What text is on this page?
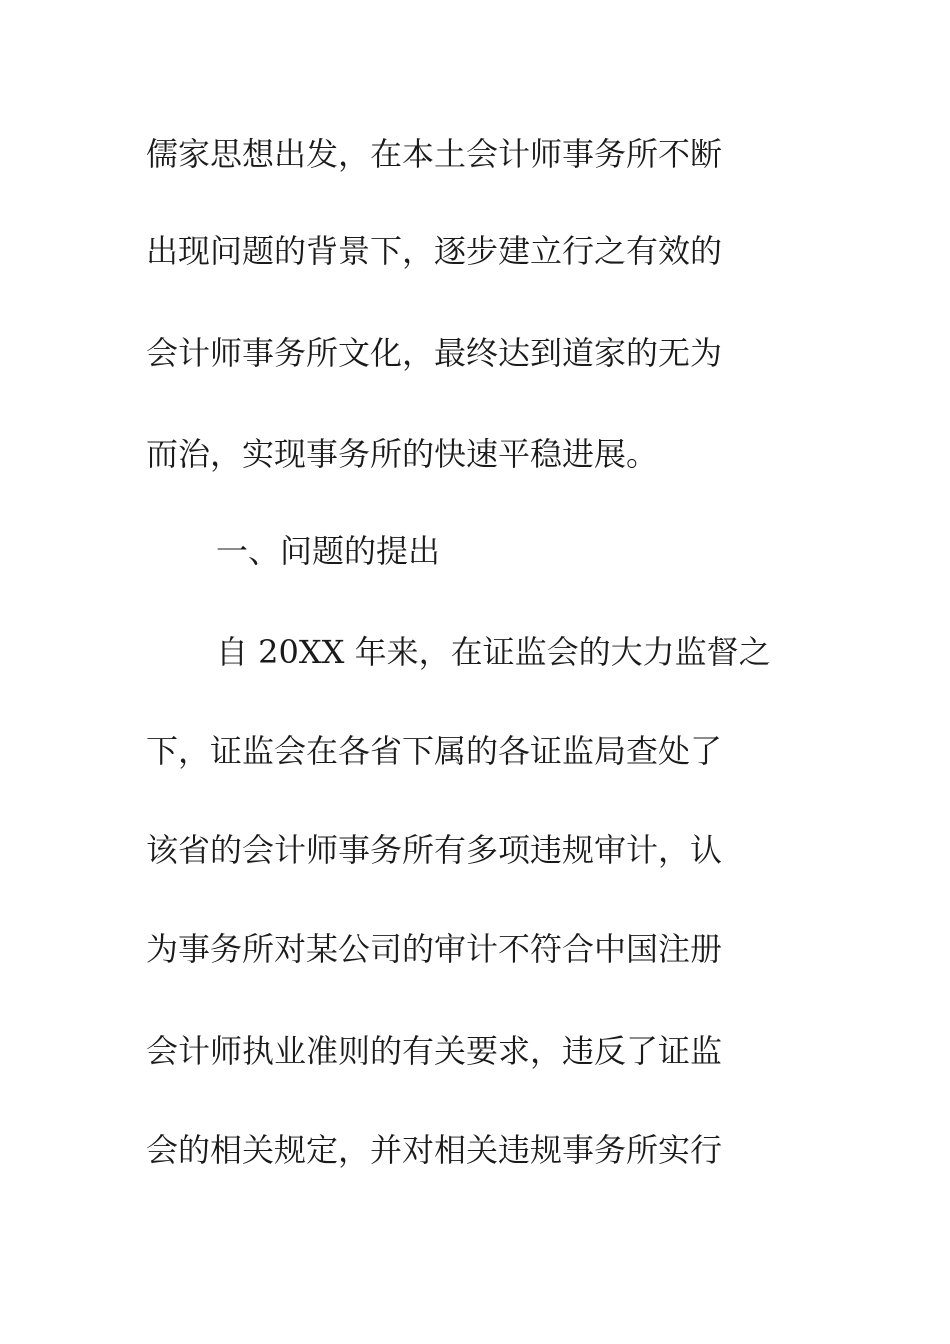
儒家思想出发，在本土会计师事务所不断
出现问题的背景下，逐步建立行之有效的
会计师事务所文化，最终达到道家的无为
而治，实现事务所的快速平稳进展。
一、问题的提出
自 20XX 年来，在证监会的大力监督之
下，证监会在各省下属的各证监局查处了
该省的会计师事务所有多项违规审计，认
为事务所对某公司的审计不符合中国注册
会计师执业准则的有关要求，违反了证监
会的相关规定，并对相关违规事务所实行
